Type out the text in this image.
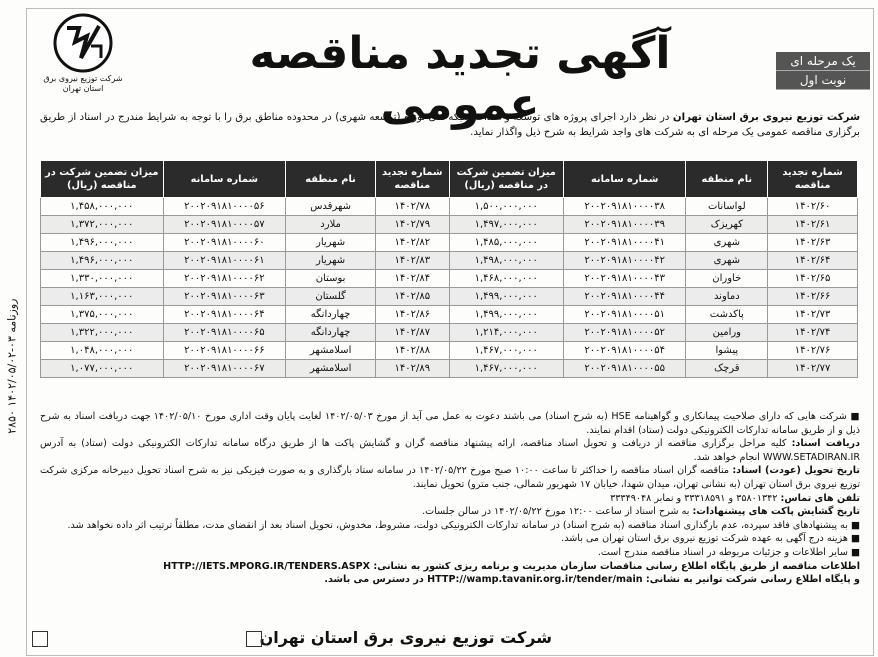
شرکت توزیع نیروی برق استان تهران
آگهی تجدید مناقصه عمومی
یک مرحله ای
نوبت اول
شرکت توزیع نیروی برق استان تهران در نظر دارد اجرای پروژه های توسعه و احداث شبکه های توزیع (توسعه شهری) در محدوده مناطق برق را با توجه به شرایط مندرج در اسناد از طریق برگزاری مناقصه عمومی یک مرحله ای به شرکت های واجد شرایط به شرح ذیل واگذار نماید.
شماره تجدید مناقصه	نام منطقه	شماره سامانه	میزان تضمین شرکت در مناقصه (ریال)	شماره تجدید مناقصه	نام منطقه	شماره سامانه	میزان تضمین شرکت در مناقصه (ریال)
۱۴۰۲/۶۰	لواسانات	۲۰۰۲۰۹۱۸۱۰۰۰۰۳۸	۱,۵۰۰,۰۰۰,۰۰۰	۱۴۰۲/۷۸	شهرقدس	۲۰۰۲۰۹۱۸۱۰۰۰۰۵۶	۱,۴۵۸,۰۰۰,۰۰۰
۱۴۰۲/۶۱	کهریزک	۲۰۰۲۰۹۱۸۱۰۰۰۰۳۹	۱,۴۹۷,۰۰۰,۰۰۰	۱۴۰۲/۷۹	ملارد	۲۰۰۲۰۹۱۸۱۰۰۰۰۵۷	۱,۳۷۲,۰۰۰,۰۰۰
۱۴۰۲/۶۳	شهری	۲۰۰۲۰۹۱۸۱۰۰۰۰۴۱	۱,۴۸۵,۰۰۰,۰۰۰	۱۴۰۲/۸۲	شهریار	۲۰۰۲۰۹۱۸۱۰۰۰۰۶۰	۱,۴۹۶,۰۰۰,۰۰۰
۱۴۰۲/۶۴	شهری	۲۰۰۲۰۹۱۸۱۰۰۰۰۴۲	۱,۴۹۸,۰۰۰,۰۰۰	۱۴۰۲/۸۳	شهریار	۲۰۰۲۰۹۱۸۱۰۰۰۰۶۱	۱,۴۹۶,۰۰۰,۰۰۰
۱۴۰۲/۶۵	خاوران	۲۰۰۲۰۹۱۸۱۰۰۰۰۴۳	۱,۴۶۸,۰۰۰,۰۰۰	۱۴۰۲/۸۴	بوستان	۲۰۰۲۰۹۱۸۱۰۰۰۰۶۲	۱,۳۳۰,۰۰۰,۰۰۰
۱۴۰۲/۶۶	دماوند	۲۰۰۲۰۹۱۸۱۰۰۰۰۴۴	۱,۴۹۹,۰۰۰,۰۰۰	۱۴۰۲/۸۵	گلستان	۲۰۰۲۰۹۱۸۱۰۰۰۰۶۳	۱,۱۶۳,۰۰۰,۰۰۰
۱۴۰۲/۷۳	پاکدشت	۲۰۰۲۰۹۱۸۱۰۰۰۰۵۱	۱,۴۹۹,۰۰۰,۰۰۰	۱۴۰۲/۸۶	چهاردانگه	۲۰۰۲۰۹۱۸۱۰۰۰۰۶۴	۱,۳۷۵,۰۰۰,۰۰۰
۱۴۰۲/۷۴	ورامین	۲۰۰۲۰۹۱۸۱۰۰۰۰۵۲	۱,۲۱۴,۰۰۰,۰۰۰	۱۴۰۲/۸۷	چهاردانگه	۲۰۰۲۰۹۱۸۱۰۰۰۰۶۵	۱,۳۲۲,۰۰۰,۰۰۰
۱۴۰۲/۷۶	پیشوا	۲۰۰۲۰۹۱۸۱۰۰۰۰۵۴	۱,۴۶۷,۰۰۰,۰۰۰	۱۴۰۲/۸۸	اسلامشهر	۲۰۰۲۰۹۱۸۱۰۰۰۰۶۶	۱,۰۴۸,۰۰۰,۰۰۰
۱۴۰۲/۷۷	قرچک	۲۰۰۲۰۹۱۸۱۰۰۰۰۵۵	۱,۴۶۷,۰۰۰,۰۰۰	۱۴۰۲/۸۹	اسلامشهر	۲۰۰۲۰۹۱۸۱۰۰۰۰۶۷	۱,۰۷۷,۰۰۰,۰۰۰

■ شرکت هایی که دارای صلاحیت پیمانکاری و گواهینامه HSE (به شرح اسناد) می باشند دعوت به عمل می آید از مورخ ۱۴۰۲/۰۵/۰۳ لغایت پایان وقت اداری مورخ ۱۴۰۲/۰۵/۱۰ جهت دریافت اسناد به شرح ذیل و از طریق سامانه تدارکات الکترونیکی دولت (ستاد) اقدام نمایند.

دریافت اسناد: کلیه مراحل برگزاری مناقصه از دریافت و تحویل اسناد مناقصه، ارائه پیشنهاد مناقصه گران و گشایش پاکت ها از طریق درگاه سامانه تدارکات الکترونیکی دولت (ستاد) به آدرس WWW.SETADIRAN.IR انجام خواهد شد.

تاریخ تحویل (عودت) اسناد: مناقصه گران اسناد مناقصه را حداکثر تا ساعت ۱۰:۰۰ صبح مورخ ۱۴۰۲/۰۵/۲۲ در سامانه ستاد بارگذاری و به صورت فیزیکی نیز به شرح اسناد تحویل دبیرخانه مرکزی شرکت توزیع نیروی برق استان تهران (به نشانی تهران، میدان شهدا، خیابان ۱۷ شهریور شمالی، جنب مترو) تحویل نمایند.

تلفن های تماس: ۳۵۸۰۱۳۴۲ و ۳۳۳۱۸۵۹۱ و نمابر ۳۳۳۴۹۰۴۸

تاریخ گشایش پاکت های پیشنهادات: به شرح اسناد از ساعت ۱۲:۰۰ مورخ ۱۴۰۲/۰۵/۲۲ در سالن جلسات.

■ به پیشنهادهای فاقد سپرده، عدم بارگذاری اسناد مناقصه (به شرح اسناد) در سامانه تدارکات الکترونیکی دولت، مشروط، مخدوش، تحویل اسناد بعد از انقضای مدت، مطلقاً ترتیب اثر داده نخواهد شد.

■ هزینه درج آگهی به عهده شرکت توزیع نیروی برق استان تهران می باشد.

■ سایر اطلاعات و جزئیات مربوطه در اسناد مناقصه مندرج است.

اطلاعات مناقصه از طریق پایگاه اطلاع رسانی مناقصات سازمان مدیریت و برنامه ریزی کشور به نشانی: HTTP://IETS.MPORG.IR/TENDERS.ASPX

و پایگاه اطلاع رسانی شرکت توانیر به نشانی: HTTP://wamp.tavanir.org.ir/tender/main در دسترس می باشد.

شرکت توزیع نیروی برق استان تهران
روزنامه ۰۳-۱۴۰۲/۰۵/۰۲ ۲۸۵۰
